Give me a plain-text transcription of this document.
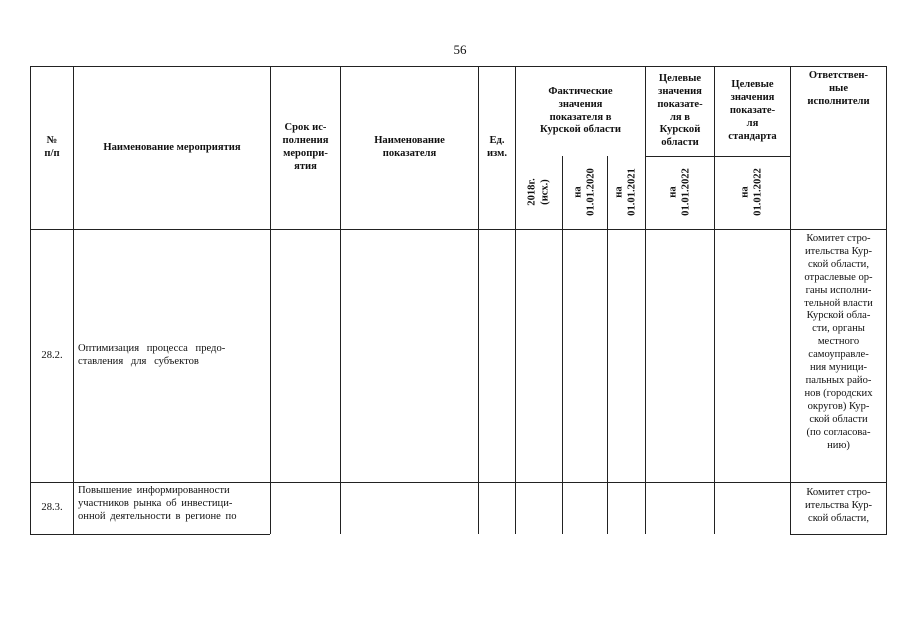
56
№
п/п
Наименование мероприятия
Срок ис-
полнения
меропри-
ятия
Наименование
показателя
Ед.
изм.
Фактические
значения
показателя в
Курской области
Целевые
значения
показате-
ля в
Курской
области
Целевые
значения
показате-
ля
стандарта
Ответствен-
ные
исполнители
2018г.
(исх.) на
01.01.2020 на
01.01.2021	на
01.01.2022	на
01.01.2022
28.2.
Оптимизация процесса предо-
ставления для субъектов
Комитет стро-
ительства Кур-
ской области,
отраслевые ор-
ганы исполни-
тельной власти
Курской обла-
сти, органы
местного
самоуправле-
ния муници-
пальных райо-
нов (городских
округов) Кур-
ской области
(по согласова-
нию)
28.3.
Повышение информированности
участников рынка об инвестици-
онной деятельности в регионе по
Комитет стро-
ительства Кур-
ской области,
